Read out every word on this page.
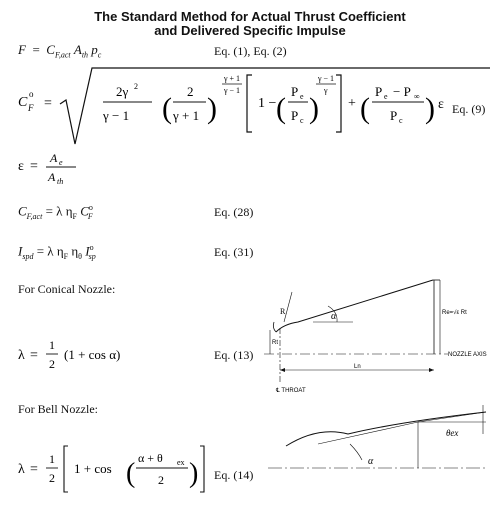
The Standard Method for Actual Thrust Coefficient
and Delivered Specific Impulse
$F = C_{F,act}$ $A_{th}$ $p_c$	Eq. (1), Eq. (2)
C F
o
=
2γ 2
γ − 1 (
2
γ + 1 )
γ + 1
γ − 1
1 − (
P e
P c )
γ − 1
γ
+ (
P e − P ∞
P c ) ε Eq. (9)
ε =
A e
A th
$C_{F,act} = \lambda$ $\eta_F$ $C^o_F$	Eq. (28)
$I_{spd} = \lambda$ $\eta_F$ $\eta_\theta$ $I^o_{sp}$	Eq. (31)
For Conical Nozzle:
λ =
1
2
(1 + cos α)	Eq. (13)
R	α
Rt
Re=√ε Rt
NOZZLE AXIS
Ln
℄ THROAT
For Bell Nozzle:
λ =
1
2
1 + cos ( α + θ ex
2 ) Eq. (14)
θex
α
